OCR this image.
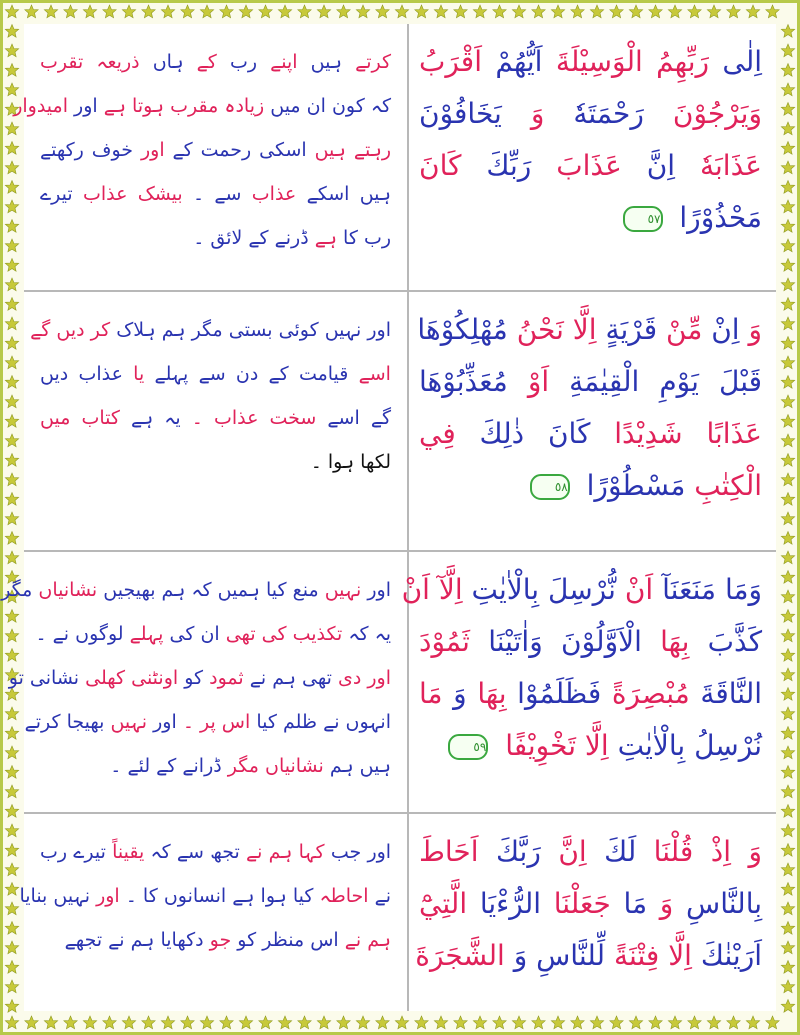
کرتے ہیں اپنے رب کے ہاں ذریعہ تقرب
کہ کون ان میں زیادہ مقرب ہوتا ہے اور امیدوار
رہتے ہیں اسکی رحمت کے اور خوف رکھتے
ہیں اسکے عذاب سے ۔ بیشک عذاب تیرے
رب کا ہے ڈرنے کے لائق ۔
اِلٰى رَبِّهِمُ الْوَسِيْلَةَ اَيُّهُمْ اَقْرَبُ
وَيَرْجُوْنَ رَحْمَتَهٗ وَ يَخَافُوْنَ
عَذَابَهٗ اِنَّ عَذَابَ رَبِّكَ كَانَ
مَحْذُوْرًا ٥٧
اور نہیں کوئی بستی مگر ہم ہلاک کر دیں گے
اسے قیامت کے دن سے پہلے یا عذاب دیں
گے اسے سخت عذاب ۔ یہ ہے کتاب میں
لکھا ہوا ۔
وَ اِنْ مِّنْ قَرْيَةٍ اِلَّا نَحْنُ مُهْلِكُوْهَا
قَبْلَ يَوْمِ الْقِيٰمَةِ اَوْ مُعَذِّبُوْهَا
عَذَابًا شَدِيْدًا كَانَ ذٰلِكَ فِي
الْكِتٰبِ مَسْطُوْرًا ٥٨
اور نہیں منع کیا ہمیں کہ ہم بھیجیں نشانیاں مگر
یہ کہ تکذیب کی تھی ان کی پہلے لوگوں نے ۔
اور دی تھی ہم نے ثمود کو اونٹنی کھلی نشانی تو
انہوں نے ظلم کیا اس پر ۔ اور نہیں بھیجا کرتے
ہیں ہم نشانیاں مگر ڈرانے کے لئے ۔
وَمَا مَنَعَنَآ اَنْ نُّرْسِلَ بِالْاٰيٰتِ اِلَّآ اَنْ
كَذَّبَ بِهَا الْاَوَّلُوْنَ وَاٰتَيْنَا ثَمُوْدَ
النَّاقَةَ مُبْصِرَةً فَظَلَمُوْا بِهَا وَ مَا
نُرْسِلُ بِالْاٰيٰتِ اِلَّا تَخْوِيْفًا ٥٩
اور جب کہا ہم نے تجھ سے کہ یقیناً تیرے رب
نے احاطہ کیا ہوا ہے انسانوں کا ۔ اور نہیں بنایا
ہم نے اس منظر کو جو دکھایا ہم نے تجھے
وَ اِذْ قُلْنَا لَكَ اِنَّ رَبَّكَ اَحَاطَ
بِالنَّاسِ وَ مَا جَعَلْنَا الرُّءْيَا الَّتِيْٓ
اَرَيْنٰكَ اِلَّا فِتْنَةً لِّلنَّاسِ وَ الشَّجَرَةَ
